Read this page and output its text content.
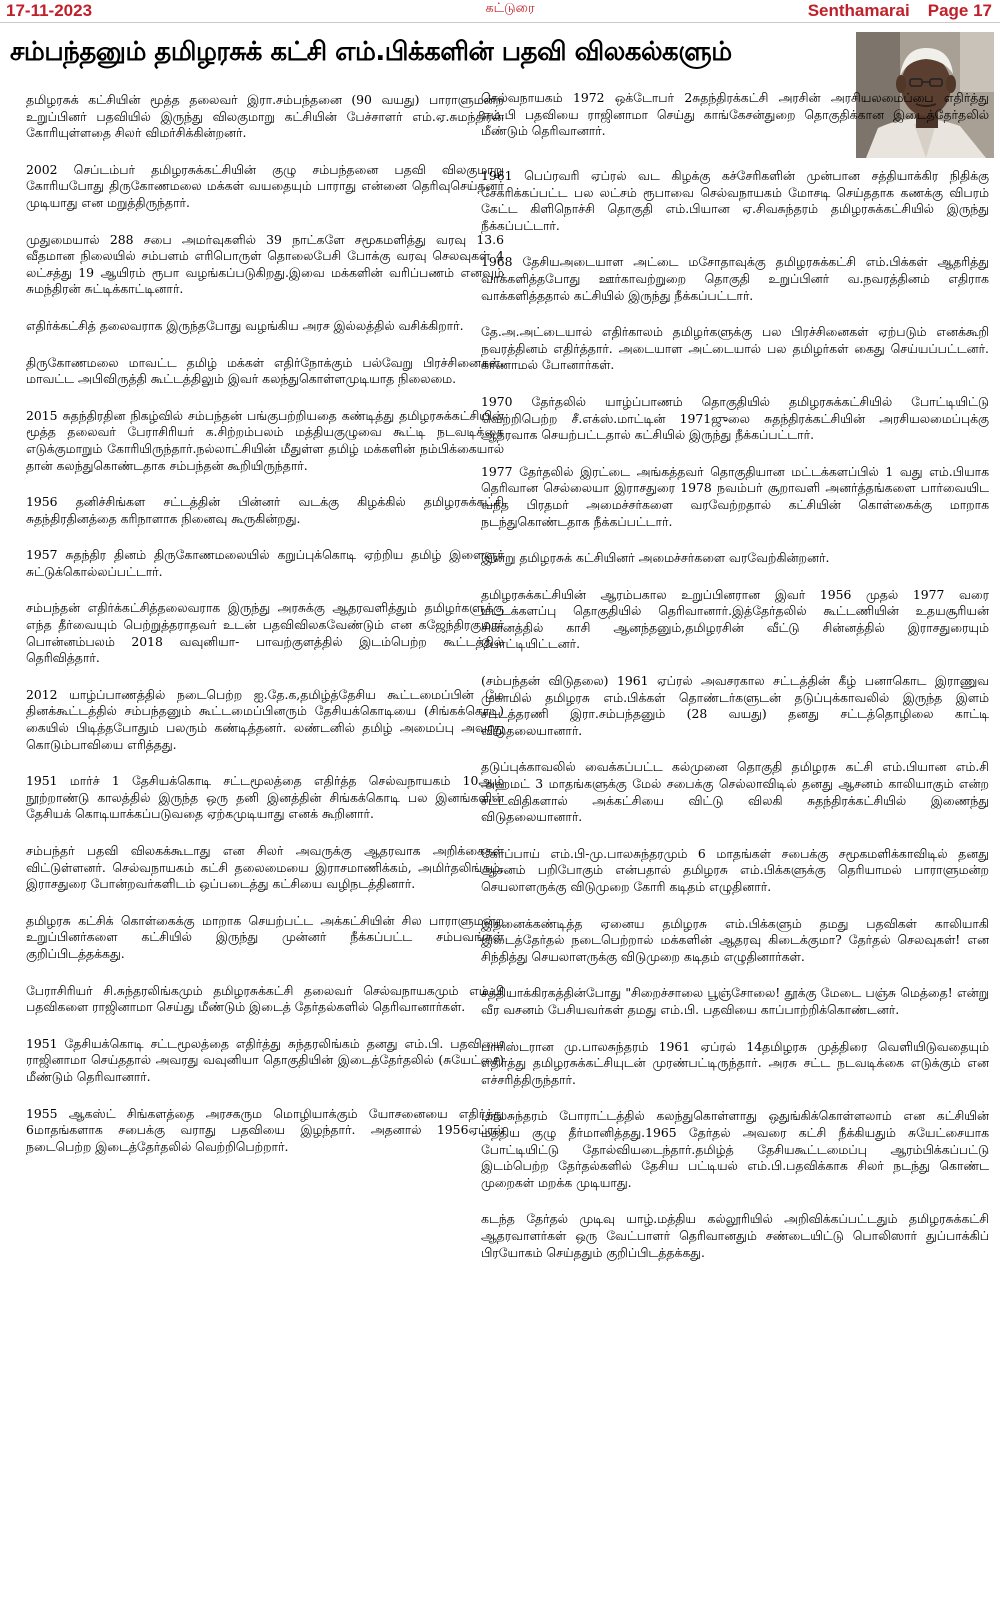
17-11-2023	கட்டுரை	Senthamarai Page 17
சம்பந்தனும் தமிழரசுக் கட்சி எம்.பிக்களின் பதவி விலகல்களும்

செல்வநாயகம் 1972 ஒக்டோபர் 2சுதந்திரக்கட்சி அரசின் அரசியலமைப்பை எதிர்த்து எம்.பி பதவியை ராஜினாமா செய்து காங்கேசன்துறை தொகுதிக்கான இடைத்தேர்தலில் மீண்டும் தெரிவானார்.

தமிழரசுக் கட்சியின் மூத்த தலைவர் இரா.சம்பந்தனை (90 வயது) பாராளுமன்ற உறுப்பினர் பதவியில் இருந்து விலகுமாறு கட்சியின் பேச்சாளர் எம்.ஏ.சுமந்திரன் கோரியுள்ளதை சிலர் விமர்சிக்கின்றனர்.

2002 செப்டம்பர் தமிழரசுக்கட்சியின் குழு சம்பந்தனை பதவி விலகுமாறு கோரியபோது திருகோணமலை மக்கள் வயதையும் பாராது என்னை தெரிவுசெய்தனர் முடியாது என மறுத்திருந்தார்.

முதுமையால் 288 சபை அமர்வுகளில் 39 நாட்களே சமூகமளித்து வரவு 13.6 வீதமான நிலையில் சம்பளம் எரிபொருள் தொலைபேசி போக்கு வரவு செலவுகள் 4 லட்சத்து 19 ஆயிரம் ரூபா வழங்கப்படுகிறது.இவை மக்களின் வரிப்பணம் எனவும் சுமந்திரன் சுட்டிக்காட்டினார்.

எதிர்க்கட்சித் தலைவராக இருந்தபோது வழங்கிய அரச இல்லத்தில் வசிக்கிறார்.

திருகோணமலை மாவட்ட தமிழ் மக்கள் எதிர்நோக்கும் பல்வேறு பிரச்சினைகள். மாவட்ட அபிவிருத்தி கூட்டத்திலும் இவர் கலந்துகொள்ளமுடியாத நிலைமை.

2015 சுதந்திரதின நிகழ்வில் சம்பந்தன் பங்குபற்றியதை கண்டித்து தமிழரசுக்கட்சியின் மூத்த தலைவர் பேராசிரியர் க.சிற்றம்பலம் மத்தியகுழுவை கூட்டி நடவடிக்கை எடுக்குமாறும் கோரியிருந்தார்.நல்லாட்சியின் மீதுள்ள தமிழ் மக்களின் நம்பிக்கையால் தான் கலந்துகொண்டதாக சம்பந்தன் கூறியிருந்தார்.

1956 தனிச்சிங்கள சட்டத்தின் பின்னர் வடக்கு கிழக்கில் தமிழரசுக்கட்சி சுதந்திரதினத்தை கரிநாளாக நினைவு கூருகின்றது.

1957 சுதந்திர தினம் திருகோணமலையில் கறுப்புக்கொடி ஏற்றிய தமிழ் இளைஞர் சுட்டுக்கொல்லப்பட்டார்.

சம்பந்தன் எதிர்க்கட்சித்தலைவராக இருந்து அரசுக்கு ஆதரவளித்தும் தமிழர்களுக்கு எந்த தீர்வையும் பெற்றுத்தராதவர் உடன் பதவிவிலகவேண்டும் என கஜேந்திரகுமார் பொன்னம்பலம் 2018 வவுனியா- பாவற்குளத்தில் இடம்பெற்ற கூட்டத்தில் தெரிவித்தார்.

2012 யாழ்ப்பாணத்தில் நடைபெற்ற ஐ.தே.க,தமிழ்த்தேசிய கூட்டமைப்பின் மே தினக்கூட்டத்தில் சம்பந்தனும் கூட்டமைப்பினரும் தேசியக்கொடியை (சிங்கக்கொடி) கையில் பிடித்தபோதும் பலரும் கண்டித்தனர். லண்டனில் தமிழ் அமைப்பு அவரது கொடும்பாவியை எரித்தது.

1951 மார்ச் 1 தேசியக்கொடி சட்டமூலத்தை எதிர்த்த செல்வநாயகம் 10ஆம் நூற்றாண்டு காலத்தில் இருந்த ஒரு தனி இனத்தின் சிங்கக்கொடி பல இனங்களின் தேசியக் கொடியாக்கப்படுவதை ஏற்கமுடியாது எனக் கூறினார்.

சம்பந்தர் பதவி விலகக்கூடாது என சிலர் அவருக்கு ஆதரவாக அறிக்கைகள் விட்டுள்ளனர். செல்வநாயகம் கட்சி தலைமையை இராசமாணிக்கம், அமிர்தலிங்கம், இராசதுரை போன்றவர்களிடம் ஒப்படைத்து கட்சியை வழிநடத்தினார்.

தமிழரசு கட்சிக் கொள்கைக்கு மாறாக செயற்பட்ட அக்கட்சியின் சில பாராளுமன்ற உறுப்பினர்களை கட்சியில் இருந்து முன்னர் நீக்கப்பட்ட சம்பவங்கள் குறிப்பிடத்தக்கது.

பேராசிரியர் சி.சுந்தரலிங்கமும் தமிழரசுக்கட்சி தலைவர் செல்வநாயகமும் எம்.பி பதவிகளை ராஜினாமா செய்து மீண்டும் இடைத் தேர்தல்களில் தெரிவானார்கள்.

1951 தேசியக்கொடி சட்டமூலத்தை எதிர்த்து சுந்தரலிங்கம் தனது எம்.பி. பதவியை ராஜினாமா செய்ததால் அவரது வவுனியா தொகுதியின் இடைத்தேர்தலில் (சுயேட்சை) மீண்டும் தெரிவானார்.

1955 ஆகஸ்ட் சிங்களத்தை அரசகரும மொழியாக்கும் யோசனையை எதிர்த்து 6மாதங்களாக சபைக்கு வராது பதவியை இழந்தார். அதனால் 1956ஏப்ரல் நடைபெற்ற இடைத்தேர்தலில் வெற்றிபெற்றார்.

1961 பெப்ரவரி ஏப்ரல் வட கிழக்கு கச்சேரிகளின் முன்பான சத்தியாக்கிர நிதிக்கு சேகரிக்கப்பட்ட பல லட்சம் ரூபாவை செல்வநாயகம் மோசடி செய்ததாக கணக்கு விபரம் கேட்ட கிளிநொச்சி தொகுதி எம்.பியான ஏ.சிவசுந்தரம் தமிழரசுக்கட்சியில் இருந்து நீக்கப்பட்டார்.

1968 தேசியஅடையாள அட்டை மசோதாவுக்கு தமிழரசுக்கட்சி எம்.பிக்கள் ஆதரித்து வாக்களித்தபோது ஊர்காவற்றுறை தொகுதி உறுப்பினர் வ.நவரத்தினம் எதிராக வாக்களித்ததால் கட்சியில் இருந்து நீக்கப்பட்டார்.

தே.அ.அட்டையால் எதிர்காலம் தமிழர்களுக்கு பல பிரச்சினைகள் ஏற்படும் எனக்கூறி நவரத்தினம் எதிர்த்தார். அடையாள அட்டையால் பல தமிழர்கள் கைது செய்யப்பட்டனர். காணாமல் போனார்கள்.

1970 தேர்தலில் யாழ்ப்பாணம் தொகுதியில் தமிழரசுக்கட்சியில் போட்டியிட்டு வெற்றிபெற்ற சீ.எக்ஸ்.மாட்டின் 1971ஜுலை சுதந்திரக்கட்சியின் அரசியலமைப்புக்கு ஆதரவாக செயற்பட்டதால் கட்சியில் இருந்து நீக்கப்பட்டார்.

1977 தேர்தலில் இரட்டை அங்கத்தவர் தொகுதியான மட்டக்களப்பில் 1 வது எம்.பியாக தெரிவான செல்லையா இராசதுரை 1978 நவம்பர் சூறாவளி அனர்த்தங்களை பார்வையிட வந்த பிரதமர் அமைச்சர்களை வரவேற்றதால் கட்சியின் கொள்கைக்கு மாறாக நடந்துகொண்டதாக நீக்கப்பட்டார்.

இன்று தமிழரசுக் கட்சியினர் அமைச்சர்களை வரவேற்கின்றனர்.

தமிழரசுக்கட்சியின் ஆரம்பகால உறுப்பினரான இவர் 1956 முதல் 1977 வரை மட்டக்களப்பு தொகுதியில் தெரிவானார்.இத்தேர்தலில் கூட்டணியின் உதயசூரியன் சின்னத்தில் காசி ஆனந்தனும்,தமிழரசின் வீட்டு சின்னத்தில் இராசதுரையும் போட்டியிட்டனர்.

(சம்பந்தன் விடுதலை) 1961 ஏப்ரல் அவசரகால சட்டத்தின் கீழ் பனாகொட இராணுவ முகாமில் தமிழரசு எம்.பிக்கள் தொண்டர்களுடன் தடுப்புக்காவலில் இருந்த இளம் சட்டத்தரணி இரா.சம்பந்தனும் (28 வயது) தனது சட்டத்தொழிலை காட்டி விடுதலையானார்.

தடுப்புக்காவலில் வைக்கப்பட்ட கல்முனை தொகுதி தமிழரசு கட்சி எம்.பியான எம்.சி அஹமட் 3 மாதங்களுக்கு மேல் சபைக்கு செல்லாவிடில் தனது ஆசனம் காலியாகும் என்ற சட்டவிதிகளால் அக்கட்சியை விட்டு விலகி சுதந்திரக்கட்சியில் இணைந்து விடுதலையானார்.

கோப்பாய் எம்.பி-மு.பாலசுந்தரமும் 6 மாதங்கள் சபைக்கு சமூகமளிக்காவிடில் தனது ஆசனம் பறிபோகும் என்பதால் தமிழரசு எம்.பிக்களுக்கு தெரியாமல் பாராளுமன்ற செயலாளருக்கு விடுமுறை கோரி கடிதம் எழுதினார்.

இதனைக்கண்டித்த ஏனைய தமிழரசு எம்.பிக்களும் தமது பதவிகள் காலியாகி இடைத்தேர்தல் நடைபெற்றால் மக்களின் ஆதரவு கிடைக்குமா? தேர்தல் செலவுகள்! என சிந்தித்து செயலாளருக்கு விடுமுறை கடிதம் எழுதினார்கள்.

சத்தியாக்கிரகத்தின்போது "சிறைச்சாலை பூஞ்சோலை! தூக்கு மேடை பஞ்சு மெத்தை! என்று வீர வசனம் பேசியவர்கள் தமது எம்.பி. பதவியை காப்பாற்றிக்கொண்டனர்.

பாரிஸ்டரான மு.பாலசுந்தரம் 1961 ஏப்ரல் 14தமிழரசு முத்திரை வெளியிடுவதையும் எதிர்த்து தமிழரசுக்கட்சியுடன் முரண்பட்டிருந்தார். அரசு சட்ட நடவடிக்கை எடுக்கும் என எச்சரித்திருந்தார்.

பாலசுந்தரம் போராட்டத்தில் கலந்துகொள்ளாது ஒதுங்கிக்கொள்ளலாம் என கட்சியின் மத்திய குழு தீர்மானித்தது.1965 தேர்தல் அவரை கட்சி நீக்கியதும் சுயேட்சையாக போட்டியிட்டு தோல்வியடைந்தார்.தமிழ்த் தேசியகூட்டமைப்பு ஆரம்பிக்கப்பட்டு இடம்பெற்ற தேர்தல்களில் தேசிய பட்டியல் எம்.பி.பதவிக்காக சிலர் நடந்து கொண்ட முறைகள் மறக்க முடியாது.

கடந்த தேர்தல் முடிவு யாழ்.மத்திய கல்லூரியில் அறிவிக்கப்பட்டதும் தமிழரசுக்கட்சி ஆதரவாளர்கள் ஒரு வேட்பாளர் தெரிவானதும் சண்டையிட்டு பொலிஸார் துப்பாக்கிப் பிரயோகம் செய்ததும் குறிப்பிடத்தக்கது.
